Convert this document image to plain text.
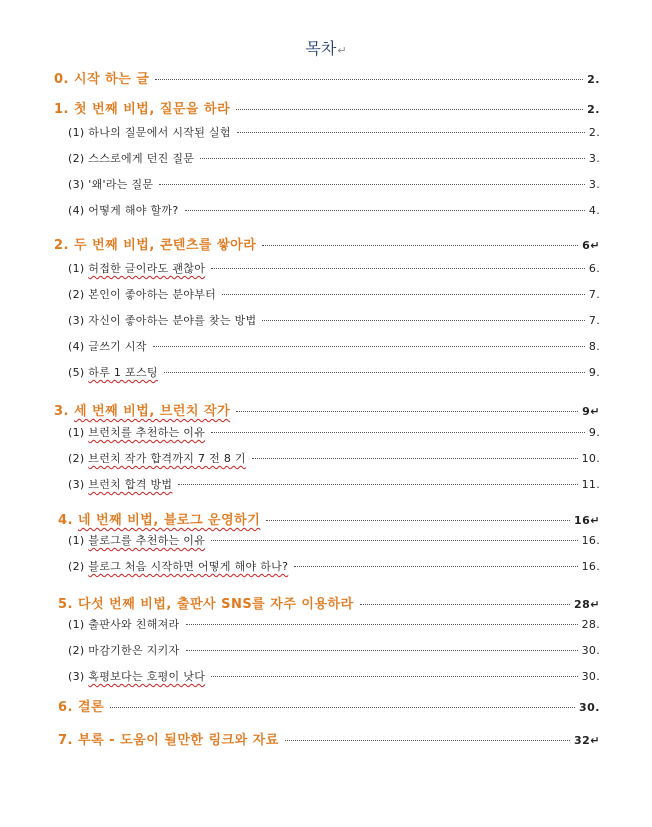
목차↵
0. 시작 하는 글	2.
1. 첫 번째 비법, 질문을 하라	2.
(1) 하나의 질문에서 시작된 실험	2.
(2) 스스로에게 던진 질문	3.
(3) '왜'라는 질문	3.
(4) 어떻게 해야 할까?	4.
2. 두 번째 비법, 콘텐츠를 쌓아라	6↵
(1) 허접한 글이라도 괜찮아	6.
(2) 본인이 좋아하는 분야부터	7.
(3) 자신이 좋아하는 분야를 찾는 방법	7.
(4) 글쓰기 시작	8.
(5) 하루 1 포스팅	9.
3. 세 번째 비법, 브런치 작가	9↵
(1) 브런치를 추천하는 이유	9.
(2) 브런치 작가 합격까지 7 전 8 기	10.
(3) 브런치 합격 방법	11.
4. 네 번째 비법, 블로그 운영하기	16↵
(1) 블로그를 추천하는 이유	16.
(2) 블로그 처음 시작하면 어떻게 해야 하나?	16.
5. 다섯 번째 비법, 출판사 SNS를 자주 이용하라	28↵
(1) 출판사와 친해져라	28.
(2) 마감기한은 지키자	30.
(3) 혹평보다는 호평이 낫다	30.
6. 결론	30.
7. 부록 - 도움이 될만한 링크와 자료	32↵
